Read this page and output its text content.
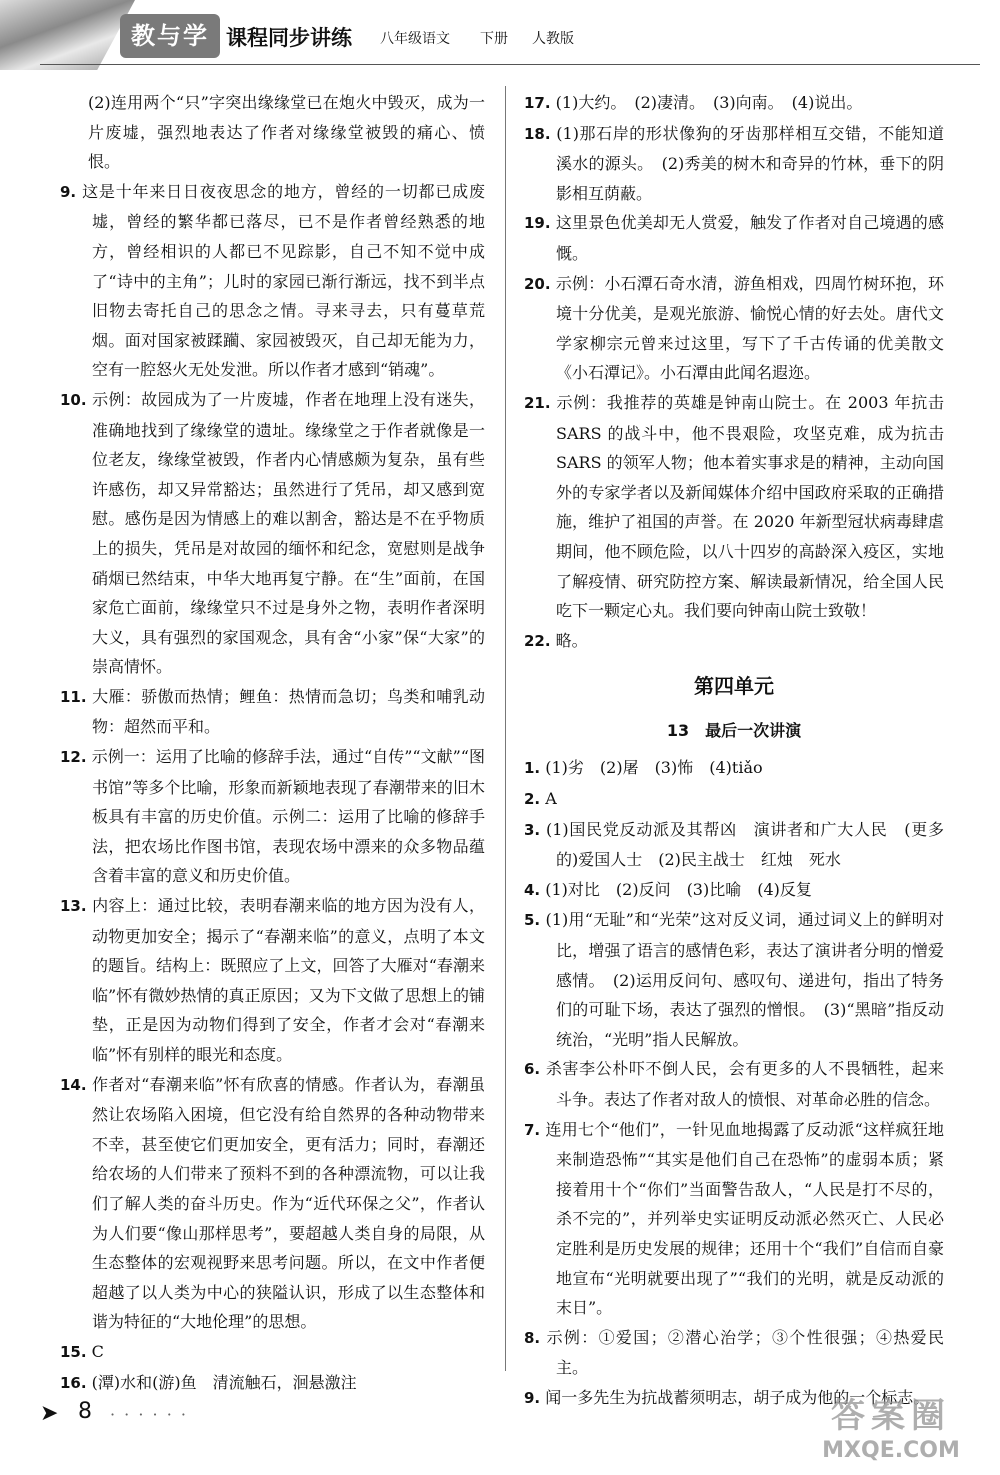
教与学 课程同步讲练 八年级语文 下册 人教版
(2)连用两个“只”字突出缘缘堂已在炮火中毁灭，成为一片废墟，强烈地表达了作者对缘缘堂被毁的痛心、愤恨。
9. 这是十年来日日夜夜思念的地方，曾经的一切都已成废墟，曾经的繁华都已落尽，已不是作者曾经熟悉的地方，曾经相识的人都已不见踪影，自己不知不觉中成了“诗中的主角”；儿时的家园已渐行渐远，找不到半点旧物去寄托自己的思念之情。寻来寻去，只有蔓草荒烟。面对国家被蹂躏、家园被毁灭，自己却无能为力，空有一腔怒火无处发泄。所以作者才感到“销魂”。
10. 示例：故园成为了一片废墟，作者在地理上没有迷失，准确地找到了缘缘堂的遗址。缘缘堂之于作者就像是一位老友，缘缘堂被毁，作者内心情感颇为复杂，虽有些许感伤，却又异常豁达；虽然进行了凭吊，却又感到宽慰。感伤是因为情感上的难以割舍，豁达是不在乎物质上的损失，凭吊是对故园的缅怀和纪念，宽慰则是战争硝烟已然结束，中华大地再复宁静。在“生”面前，在国家危亡面前，缘缘堂只不过是身外之物，表明作者深明大义，具有强烈的家国观念，具有舍“小家”保“大家”的崇高情怀。
11. 大雁：骄傲而热情；鲤鱼：热情而急切；鸟类和哺乳动物：超然而平和。
12. 示例一：运用了比喻的修辞手法，通过“自传”“文献”“图书馆”等多个比喻，形象而新颖地表现了春潮带来的旧木板具有丰富的历史价值。示例二：运用了比喻的修辞手法，把农场比作图书馆，表现农场中漂来的众多物品蕴含着丰富的意义和历史价值。
13. 内容上：通过比较，表明春潮来临的地方因为没有人，动物更加安全；揭示了“春潮来临”的意义，点明了本文的题旨。结构上：既照应了上文，回答了大雁对“春潮来临”怀有微妙热情的真正原因；又为下文做了思想上的铺垫，正是因为动物们得到了安全，作者才会对“春潮来临”怀有别样的眼光和态度。
14. 作者对“春潮来临”怀有欣喜的情感。作者认为，春潮虽然让农场陷入困境，但它没有给自然界的各种动物带来不幸，甚至使它们更加安全，更有活力；同时，春潮还给农场的人们带来了预料不到的各种漂流物，可以让我们了解人类的奋斗历史。作为“近代环保之父”，作者认为人们要“像山那样思考”，要超越人类自身的局限，从生态整体的宏观视野来思考问题。所以，在文中作者便超越了以人类为中心的狭隘认识，形成了以生态整体和谐为特征的“大地伦理”的思想。
15. C
16. (潭)水和(游)鱼　清流触石，洄悬激注
17. (1)大约。　(2)凄清。　(3)向南。　(4)说出。
18. (1)那石岸的形状像狗的牙齿那样相互交错，不能知道溪水的源头。　(2)秀美的树木和奇异的竹林，垂下的阴影相互荫蔽。
19. 这里景色优美却无人赏爱，触发了作者对自己境遇的感慨。
20. 示例：小石潭石奇水清，游鱼相戏，四周竹树环抱，环境十分优美，是观光旅游、愉悦心情的好去处。唐代文学家柳宗元曾来过这里，写下了千古传诵的优美散文《小石潭记》。小石潭由此闻名遐迩。
21. 示例：我推荐的英雄是钟南山院士。在 2003 年抗击 SARS 的战斗中，他不畏艰险，攻坚克难，成为抗击 SARS 的领军人物；他本着实事求是的精神，主动向国外的专家学者以及新闻媒体介绍中国政府采取的正确措施，维护了祖国的声誉。在 2020 年新型冠状病毒肆虐期间，他不顾危险，以八十四岁的高龄深入疫区，实地了解疫情、研究防控方案、解读最新情况，给全国人民吃下一颗定心丸。我们要向钟南山院士致敬！
22. 略。
第四单元
13　最后一次讲演
1. (1)劣　(2)屠　(3)怖　(4)tiǎo
2. A
3. (1)国民党反动派及其帮凶　演讲者和广大人民　(更多的)爱国人士　(2)民主战士　红烛　死水
4. (1)对比　(2)反问　(3)比喻　(4)反复
5. (1)用“无耻”和“光荣”这对反义词，通过词义上的鲜明对比，增强了语言的感情色彩，表达了演讲者分明的憎爱感情。　(2)运用反问句、感叹句、递进句，指出了特务们的可耻下场，表达了强烈的憎恨。　(3)“黑暗”指反动统治，“光明”指人民解放。
6. 杀害李公朴吓不倒人民，会有更多的人不畏牺牲，起来斗争。表达了作者对敌人的愤恨、对革命必胜的信念。
7. 连用七个“他们”，一针见血地揭露了反动派“这样疯狂地来制造恐怖”“其实是他们自己在恐怖”的虚弱本质；紧接着用十个“你们”当面警告敌人，“人民是打不尽的，杀不完的”，并列举史实证明反动派必然灭亡、人民必定胜利是历史发展的规律；还用十个“我们”自信而自豪地宣布“光明就要出现了”“我们的光明，就是反动派的末日”。
8. 示例：①爱国；②潜心治学；③个性很强；④热爱民主。
9. 闻一多先生为抗战蓄须明志，胡子成为他的一个标志。
➤ 8 · · · · · ·	答案圈
MXQE.COM
